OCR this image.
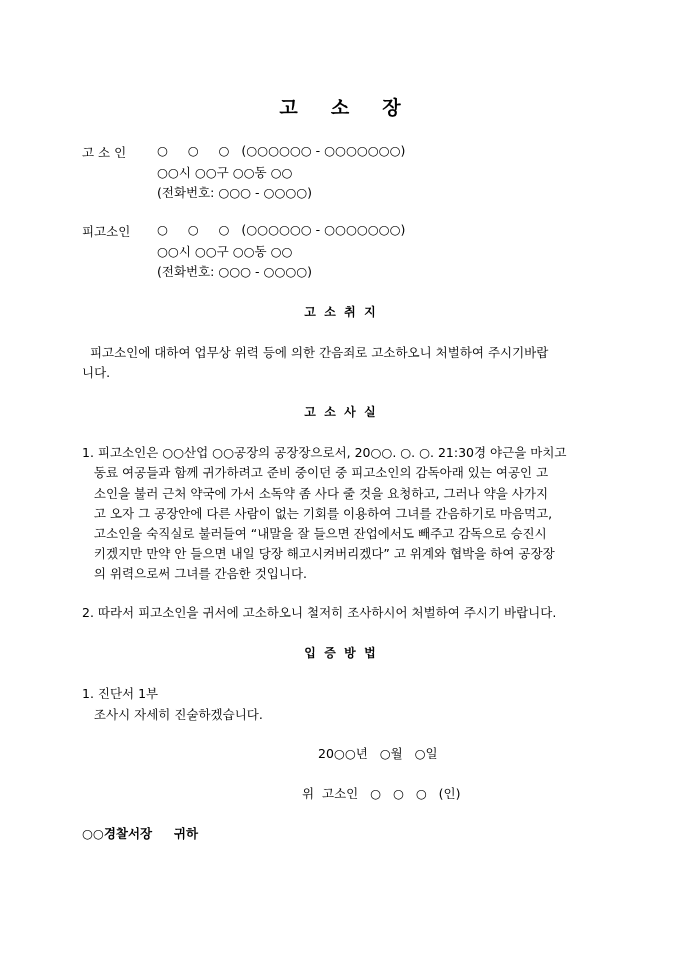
고     소     장
고 소 인 ○     ○     ○   (○○○○○○ - ○○○○○○○)
○○시 ○○구 ○○동 ○○
(전화번호: ○○○ - ○○○○)
피고소인 ○     ○     ○   (○○○○○○ - ○○○○○○○)
○○시 ○○구 ○○동 ○○
(전화번호: ○○○ - ○○○○)
고  소  취  지
피고소인에 대하여 업무상 위력 등에 의한 간음죄로 고소하오니 처벌하여 주시기바랍
니다.
고  소  사  실
1. 피고소인은 ○○산업 ○○공장의 공장장으로서, 20○○. ○. ○. 21:30경 야근을 마치고
동료 여공들과 함께 귀가하려고 준비 중이던 중 피고소인의 감독아래 있는 여공인 고
소인을 불러 근처 약국에 가서 소독약 좀 사다 줄 것을 요청하고, 그러나 약을 사가지
고 오자 그 공장안에 다른 사람이 없는 기회를 이용하여 그녀를 간음하기로 마음먹고,
고소인을 숙직실로 불러들여 “내말을 잘 들으면 잔업에서도 빼주고 감독으로 승진시
키겠지만 만약 안 들으면 내일 당장 해고시켜버리겠다” 고 위계와 협박을 하여 공장장
의 위력으로써 그녀를 간음한 것입니다.
2. 따라서 피고소인을 귀서에 고소하오니 철저히 조사하시어 처벌하여 주시기 바랍니다.
입  증  방  법
1. 진단서 1부
조사시 자세히 진술하겠습니다.
20○○년   ○월   ○일
위  고소인   ○   ○   ○   (인)
○○경찰서장     귀하
